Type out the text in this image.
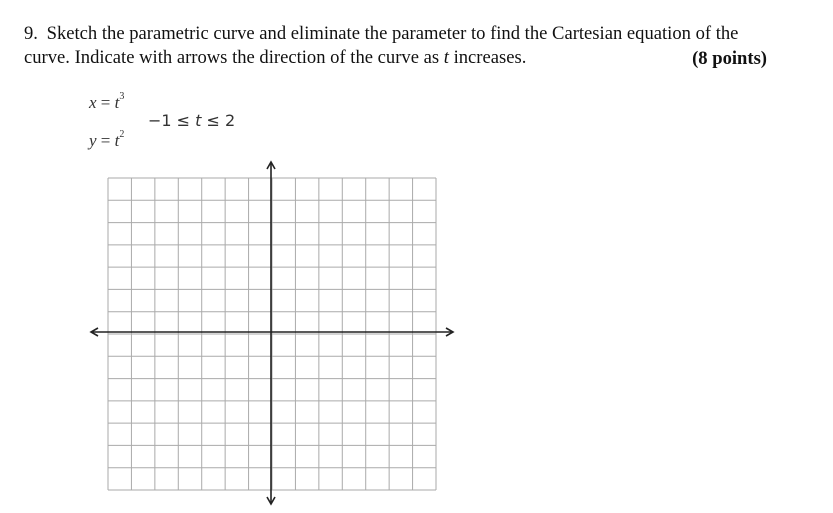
9. Sketch the parametric curve and eliminate the parameter to find the Cartesian equation of the
curve. Indicate with arrows the direction of the curve as t increases.	(8 points)
$x = t^3$
$y = t^2$
−1 ≤ t ≤ 2
